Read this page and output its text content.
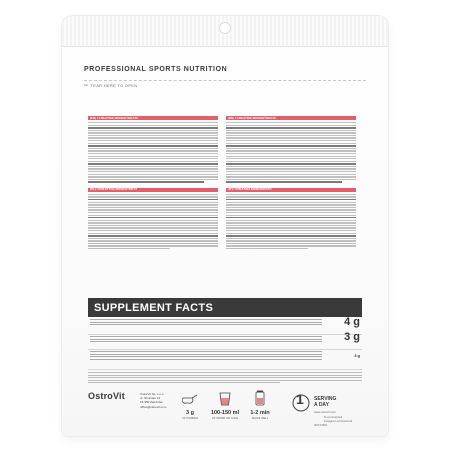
PROFESSIONAL SPORTS NUTRITION
✂ TEAR HERE TO OPEN
(EN) I CREATINE MONOHYDRATE
(PL) I KREATYNA MONOHYDRAT
(DE) I CREATINE MONOHYDRATE
(IT) I CREATINA MONOIDRATO
SUPPLEMENT FACTS
4 g
3 g
3 g
OstroVit	OstroVit Sp. z o.o.
ul. Strumian 13
15-350 Zambrów
office@ostrovit.com
3 g
OF POWDER
100-150 ml
OF WATER OR JUICE
1-2 min
SHAKE WELL
1 SERVING
A DAY
www.ostrovit.com
fb.com/ostrovit
instagram.com/ostrovit
IEP16AB01
